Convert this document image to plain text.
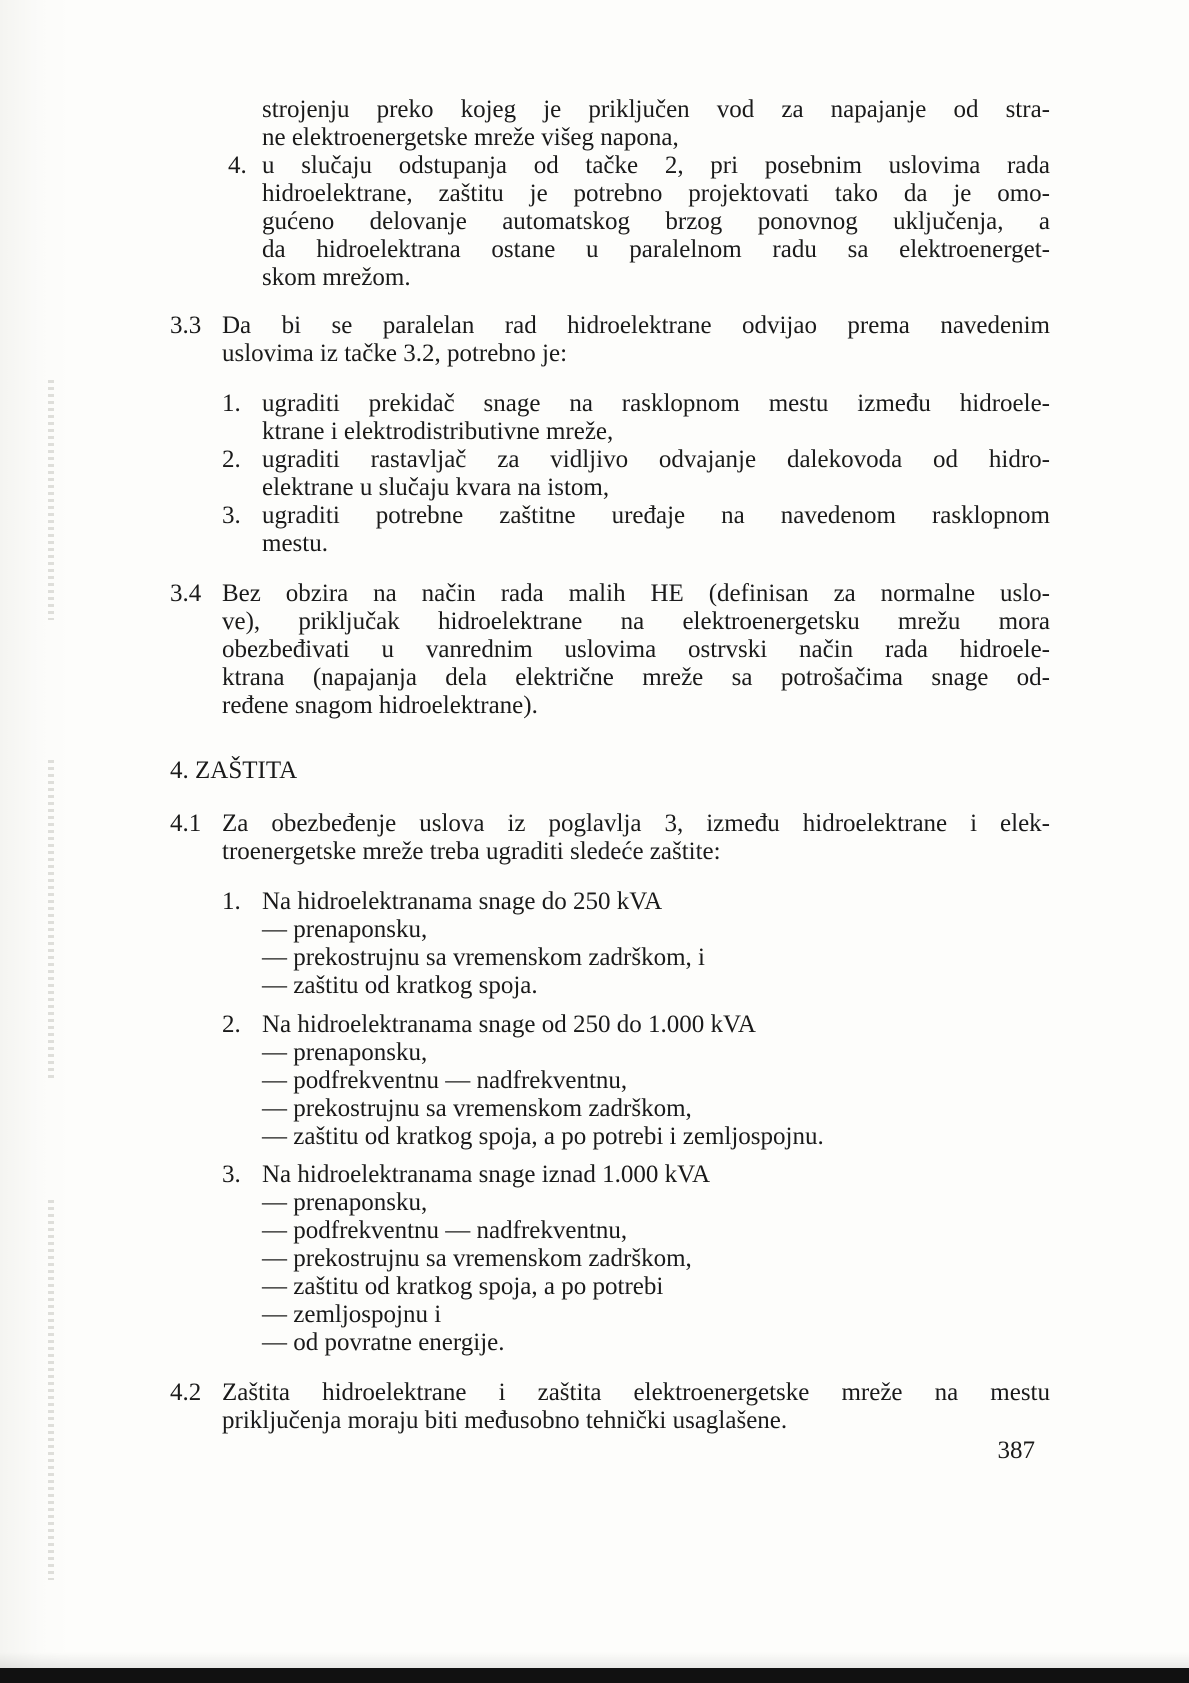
strojenju preko kojeg je priključen vod za napajanje od stra-
ne elektroenergetske mreže višeg napona,
4. u slučaju odstupanja od tačke 2, pri posebnim uslovima rada
hidroelektrane, zaštitu je potrebno projektovati tako da je omo-
gućeno delovanje automatskog brzog ponovnog uključenja, a
da hidroelektrana ostane u paralelnom radu sa elektroenerget-
skom mrežom.
3.3 Da bi se paralelan rad hidroelektrane odvijao prema navedenim
uslovima iz tačke 3.2, potrebno je:
1. ugraditi prekidač snage na rasklopnom mestu između hidroele-
ktrane i elektrodistributivne mreže,
2. ugraditi rastavljač za vidljivo odvajanje dalekovoda od hidro-
elektrane u slučaju kvara na istom,
3. ugraditi potrebne zaštitne uređaje na navedenom rasklopnom
mestu.
3.4 Bez obzira na način rada malih HE (definisan za normalne uslo-
ve), priključak hidroelektrane na elektroenergetsku mrežu mora
obezbeđivati u vanrednim uslovima ostrvski način rada hidroele-
ktrana (napajanja dela električne mreže sa potrošačima snage od-
ređene snagom hidroelektrane).
4. ZAŠTITA
4.1 Za obezbeđenje uslova iz poglavlja 3, između hidroelektrane i elek-
troenergetske mreže treba ugraditi sledeće zaštite:
1. Na hidroelektranama snage do 250 kVA
— prenaponsku,
— prekostrujnu sa vremenskom zadrškom, i
— zaštitu od kratkog spoja.
2. Na hidroelektranama snage od 250 do 1.000 kVA
— prenaponsku,
— podfrekventnu — nadfrekventnu,
— prekostrujnu sa vremenskom zadrškom,
— zaštitu od kratkog spoja, a po potrebi i zemljospojnu.
3. Na hidroelektranama snage iznad 1.000 kVA
— prenaponsku,
— podfrekventnu — nadfrekventnu,
— prekostrujnu sa vremenskom zadrškom,
— zaštitu od kratkog spoja, a po potrebi
— zemljospojnu i
— od povratne energije.
4.2 Zaštita hidroelektrane i zaštita elektroenergetske mreže na mestu
priključenja moraju biti međusobno tehnički usaglašene.
387
